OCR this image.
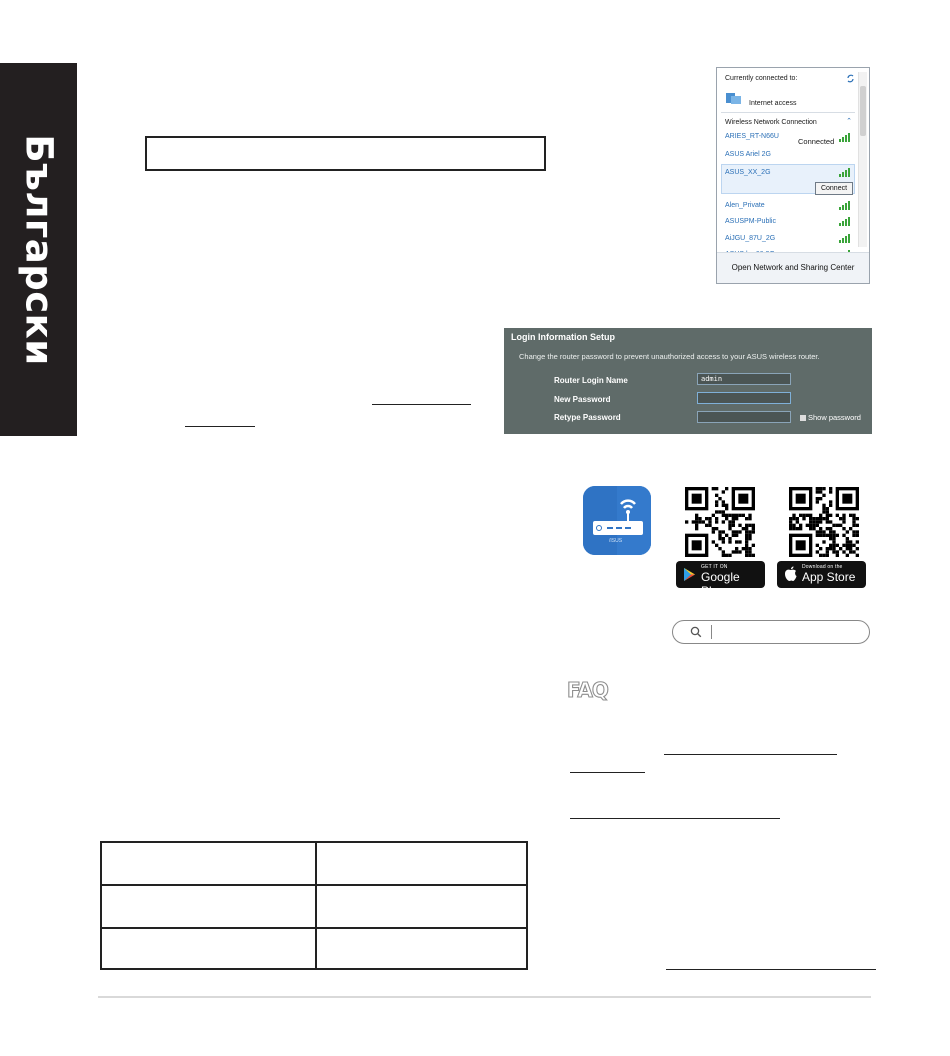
Български
Currently connected to:
Internet access
Wireless Network Connection	⌃
ARIES_RT-N66U
Connected
ASUS Ariel 2G
ASUS_XX_2G
Connect
Alen_Private
ASUSPM-Public
AiJGU_87U_2G
Open Network and Sharing Center
Login Information Setup
Change the router password to prevent unauthorized access to your ASUS wireless router.
Router Login Name	admin
New Password
Retype Password	Show password
/ISUS
GET IT ON
Google Play
Download on the
App Store
FAQ
